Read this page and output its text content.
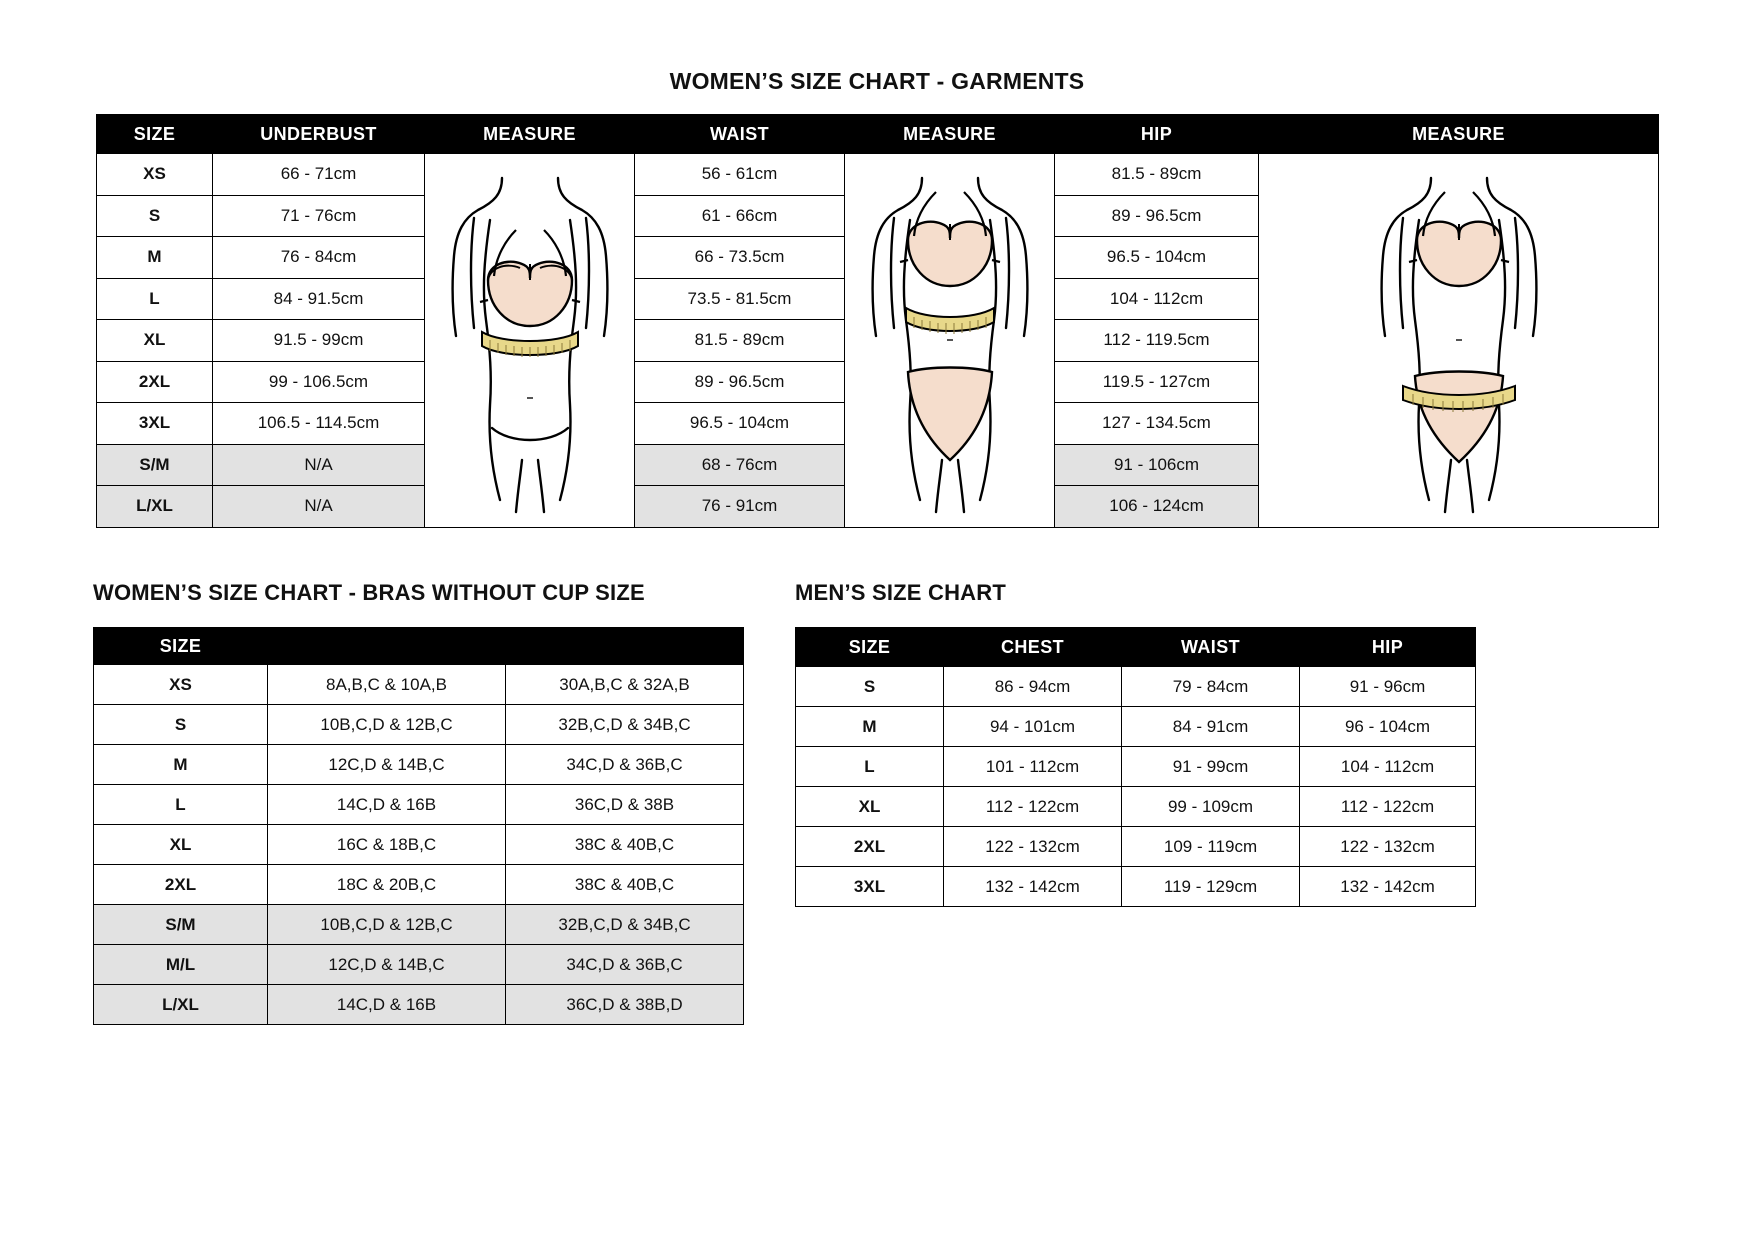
WOMEN’S SIZE CHART - GARMENTS
SIZE	UNDERBUST	MEASURE	WAIST	MEASURE	HIP	MEASURE
XS	66 - 71cm		56 - 61cm		81.5 - 89cm	

S	71 - 76cm		61 - 66cm		89 - 96.5cm	
M	76 - 84cm		66 - 73.5cm		96.5 - 104cm	
L	84 - 91.5cm		73.5 - 81.5cm		104 - 112cm	
XL	91.5 - 99cm		81.5 - 89cm		112 - 119.5cm	
2XL	99 - 106.5cm		89 - 96.5cm		119.5 - 127cm	
3XL	106.5 - 114.5cm		96.5 - 104cm		127 - 134.5cm	
S/M	N/A		68 - 76cm		91 - 106cm	
L/XL	N/A		76 - 91cm		106 - 124cm	
WOMEN’S SIZE CHART - BRAS WITHOUT CUP SIZE
SIZE		
XS	8A,B,C & 10A,B	30A,B,C & 32A,B
S	10B,C,D & 12B,C	32B,C,D & 34B,C
M	12C,D & 14B,C	34C,D & 36B,C
L	14C,D & 16B	36C,D & 38B
XL	16C & 18B,C	38C & 40B,C
2XL	18C & 20B,C	38C & 40B,C
S/M	10B,C,D & 12B,C	32B,C,D & 34B,C
M/L	12C,D & 14B,C	34C,D & 36B,C
L/XL	14C,D & 16B	36C,D & 38B,D
MEN’S SIZE CHART
SIZE	CHEST	WAIST	HIP
S	86 - 94cm	79 - 84cm	91 - 96cm
M	94 - 101cm	84 - 91cm	96 - 104cm
L	101 - 112cm	91 - 99cm	104 - 112cm
XL	112 - 122cm	99 - 109cm	112 - 122cm
2XL	122 - 132cm	109 - 119cm	122 - 132cm
3XL	132 - 142cm	119 - 129cm	132 - 142cm
